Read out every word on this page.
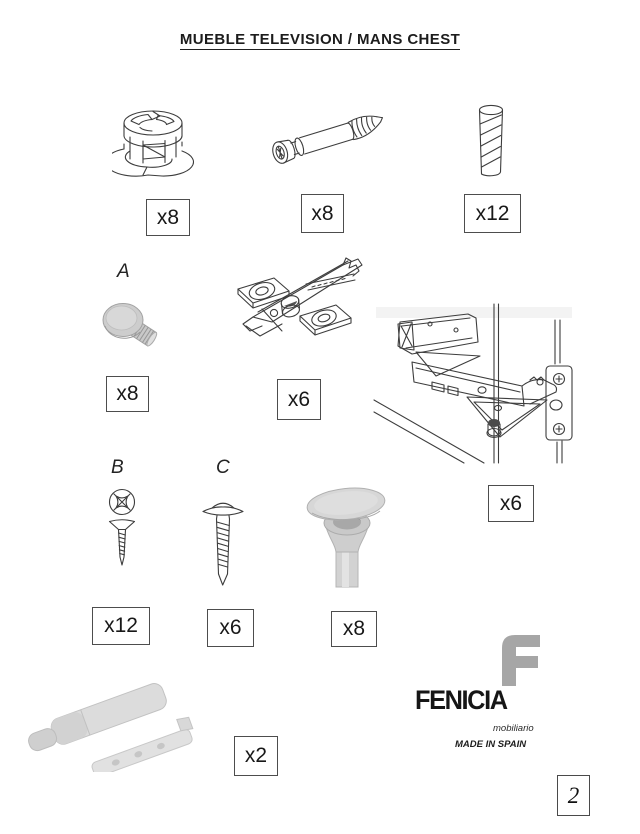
MUEBLE TELEVISION / MANS CHEST
x8	x8	x12
A
x8	x6
x6
B
x12
C
x6	x8
x2
FENICIA
mobiliario
MADE IN SPAIN
2
